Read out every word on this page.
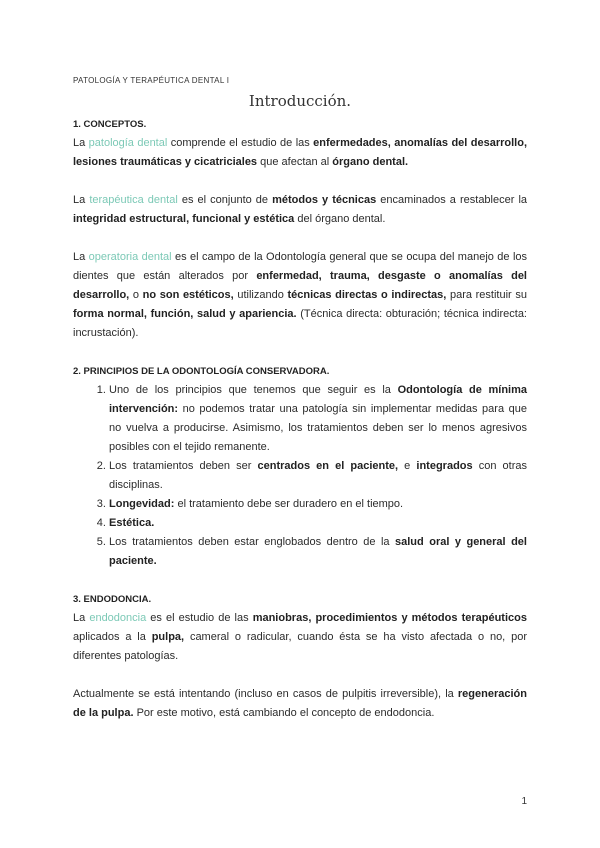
PATOLOGÍA Y TERAPÉUTICA DENTAL I
Introducción.
1. CONCEPTOS.

La patología dental comprende el estudio de las enfermedades, anomalías del desarrollo, lesiones traumáticas y cicatriciales que afectan al órgano dental.

La terapéutica dental es el conjunto de métodos y técnicas encaminados a restablecer la integridad estructural, funcional y estética del órgano dental.

La operatoria dental es el campo de la Odontología general que se ocupa del manejo de los dientes que están alterados por enfermedad, trauma, desgaste o anomalías del desarrollo, o no son estéticos, utilizando técnicas directas o indirectas, para restituir su forma normal, función, salud y apariencia. (Técnica directa: obturación; técnica indirecta: incrustación).

2. PRINCIPIOS DE LA ODONTOLOGÍA CONSERVADORA.
1. Uno de los principios que tenemos que seguir es la Odontología de mínima intervención: no podemos tratar una patología sin implementar medidas para que no vuelva a producirse. Asimismo, los tratamientos deben ser lo menos agresivos posibles con el tejido remanente.
2. Los tratamientos deben ser centrados en el paciente, e integrados con otras disciplinas.
3. Longevidad: el tratamiento debe ser duradero en el tiempo.
4. Estética.
5. Los tratamientos deben estar englobados dentro de la salud oral y general del paciente.
3. ENDODONCIA.

La endodoncia es el estudio de las maniobras, procedimientos y métodos terapéuticos aplicados a la pulpa, cameral o radicular, cuando ésta se ha visto afectada o no, por diferentes patologías.

Actualmente se está intentando (incluso en casos de pulpitis irreversible), la regeneración de la pulpa. Por este motivo, está cambiando el concepto de endodoncia.

1
